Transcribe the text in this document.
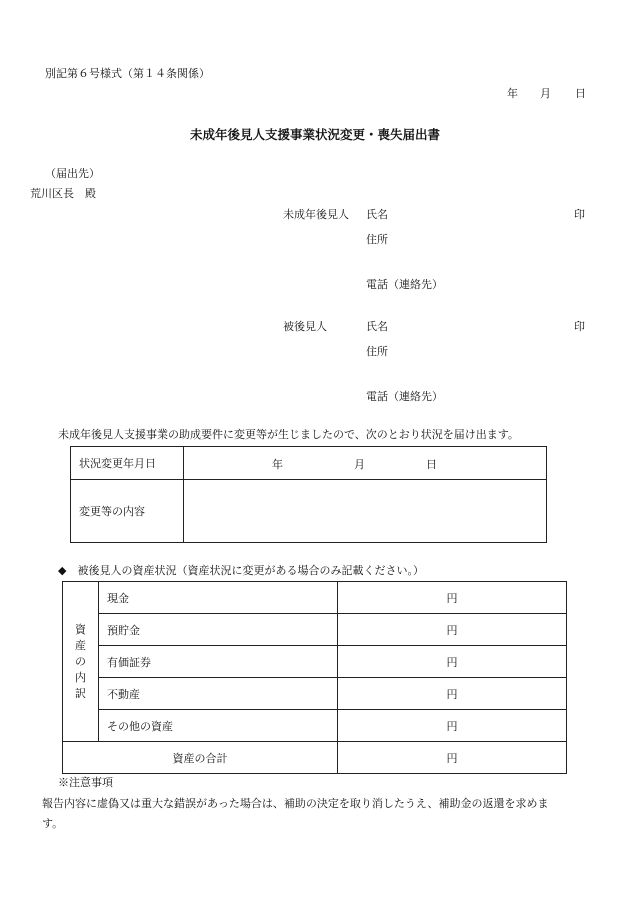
別記第６号様式（第１４条関係）
年 月 日
未成年後見人支援事業状況変更・喪失届出書
（届出先）
荒川区長　殿
未成年後見人 氏名	印
住所
電話（連絡先）
被後見人	氏名	印
住所
電話（連絡先）
未成年後見人支援事業の助成要件に変更等が生じましたので、次のとおり状況を届け出ます。
状況変更年月日	年 月 日

変更等の内容	
◆　被後見人の資産状況（資産状況に変更がある場合のみ記載ください。）
資産の内訳	現金	円
	預貯金	円
	有価証券	円
	不動産	円
	その他の資産	円
資産の合計		円
※注意事項
報告内容に虚偽又は重大な錯誤があった場合は、補助の決定を取り消したうえ、補助金の返還を求めま
す。
